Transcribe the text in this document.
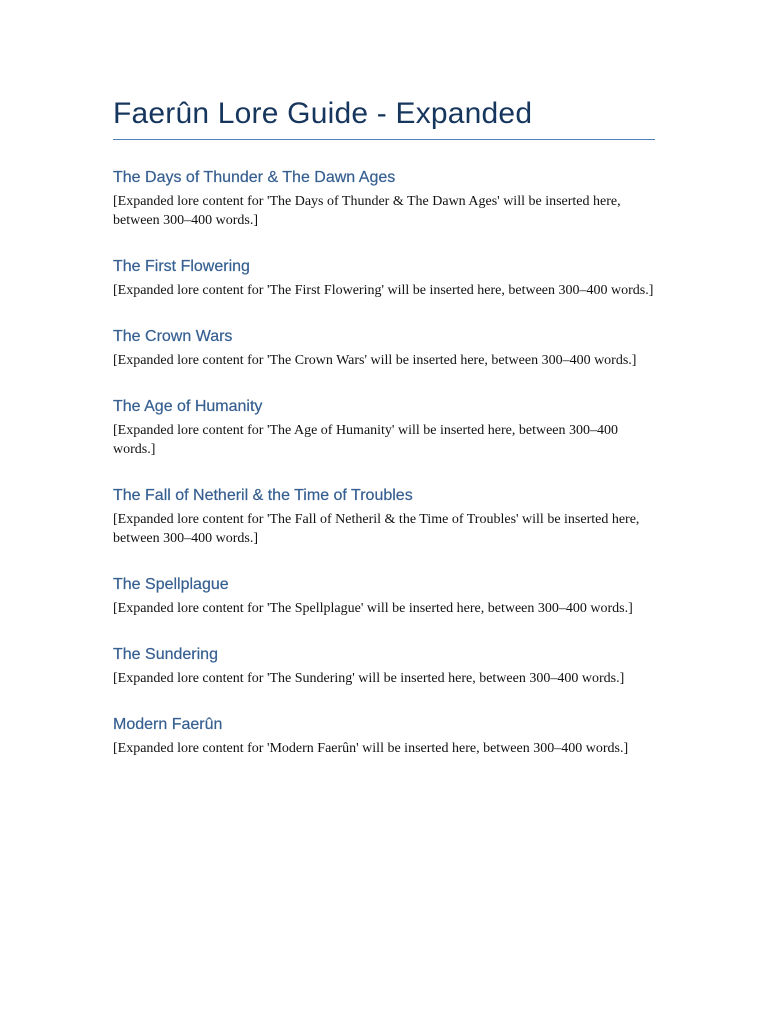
Faerûn Lore Guide - Expanded
The Days of Thunder & The Dawn Ages

[Expanded lore content for 'The Days of Thunder & The Dawn Ages' will be inserted here, between 300–400 words.]

The First Flowering

[Expanded lore content for 'The First Flowering' will be inserted here, between 300–400 words.]

The Crown Wars

[Expanded lore content for 'The Crown Wars' will be inserted here, between 300–400 words.]

The Age of Humanity

[Expanded lore content for 'The Age of Humanity' will be inserted here, between 300–400 words.]

The Fall of Netheril & the Time of Troubles

[Expanded lore content for 'The Fall of Netheril & the Time of Troubles' will be inserted here, between 300–400 words.]

The Spellplague

[Expanded lore content for 'The Spellplague' will be inserted here, between 300–400 words.]

The Sundering

[Expanded lore content for 'The Sundering' will be inserted here, between 300–400 words.]

Modern Faerûn

[Expanded lore content for 'Modern Faerûn' will be inserted here, between 300–400 words.]
